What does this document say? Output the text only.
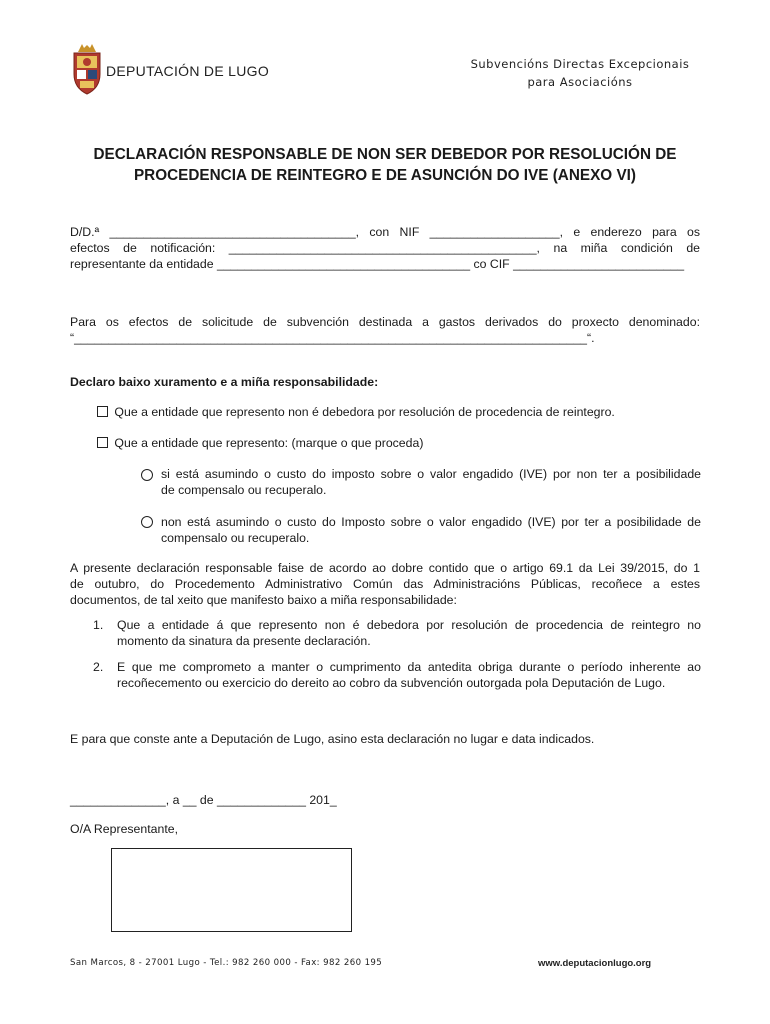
DEPUTACIÓN DE LUGO	Subvencións Directas Excepcionais
para Asociacións
DECLARACIÓN RESPONSABLE DE NON SER DEBEDOR POR RESOLUCIÓN DE
PROCEDENCIA DE REINTEGRO E DE ASUNCIÓN DO IVE (ANEXO VI)
D/D.ª ____________________________________, con NIF ___________________, e enderezo para os
efectos de notificación: _____________________________________________, na miña condición de
representante da entidade _____________________________________ co CIF _________________________
Para os efectos de solicitude de subvención destinada a gastos derivados do proxecto denominado:
“___________________________________________________________________________“.
Declaro baixo xuramento e a miña responsabilidade:
Que a entidade que represento non é debedora por resolución de procedencia de reintegro.
Que a entidade que represento: (marque o que proceda)
si está asumindo o custo do imposto sobre o valor engadido (IVE) por non ter a posibilidade
de compensalo ou recuperalo.
non está asumindo o custo do Imposto sobre o valor engadido (IVE) por ter a posibilidade de
compensalo ou recuperalo.
A presente declaración responsable faise de acordo ao dobre contido que o artigo 69.1 da Lei 39/2015, do 1
de outubro, do Procedemento Administrativo Común das Administracións Públicas, recoñece a estes
documentos, de tal xeito que manifesto baixo a miña responsabilidade:
1.	Que a entidade á que represento non é debedora por resolución de procedencia de reintegro no
momento da sinatura da presente declaración.
2.	E que me comprometo a manter o cumprimento da antedita obriga durante o período inherente ao
recoñecemento ou exercicio do dereito ao cobro da subvención outorgada pola Deputación de Lugo.
E para que conste ante a Deputación de Lugo, asino esta declaración no lugar e data indicados.
______________, a __ de _____________ 201_
O/A Representante,
San Marcos, 8 - 27001 Lugo - Tel.: 982 260 000 - Fax: 982 260 195	www.deputacionlugo.org
